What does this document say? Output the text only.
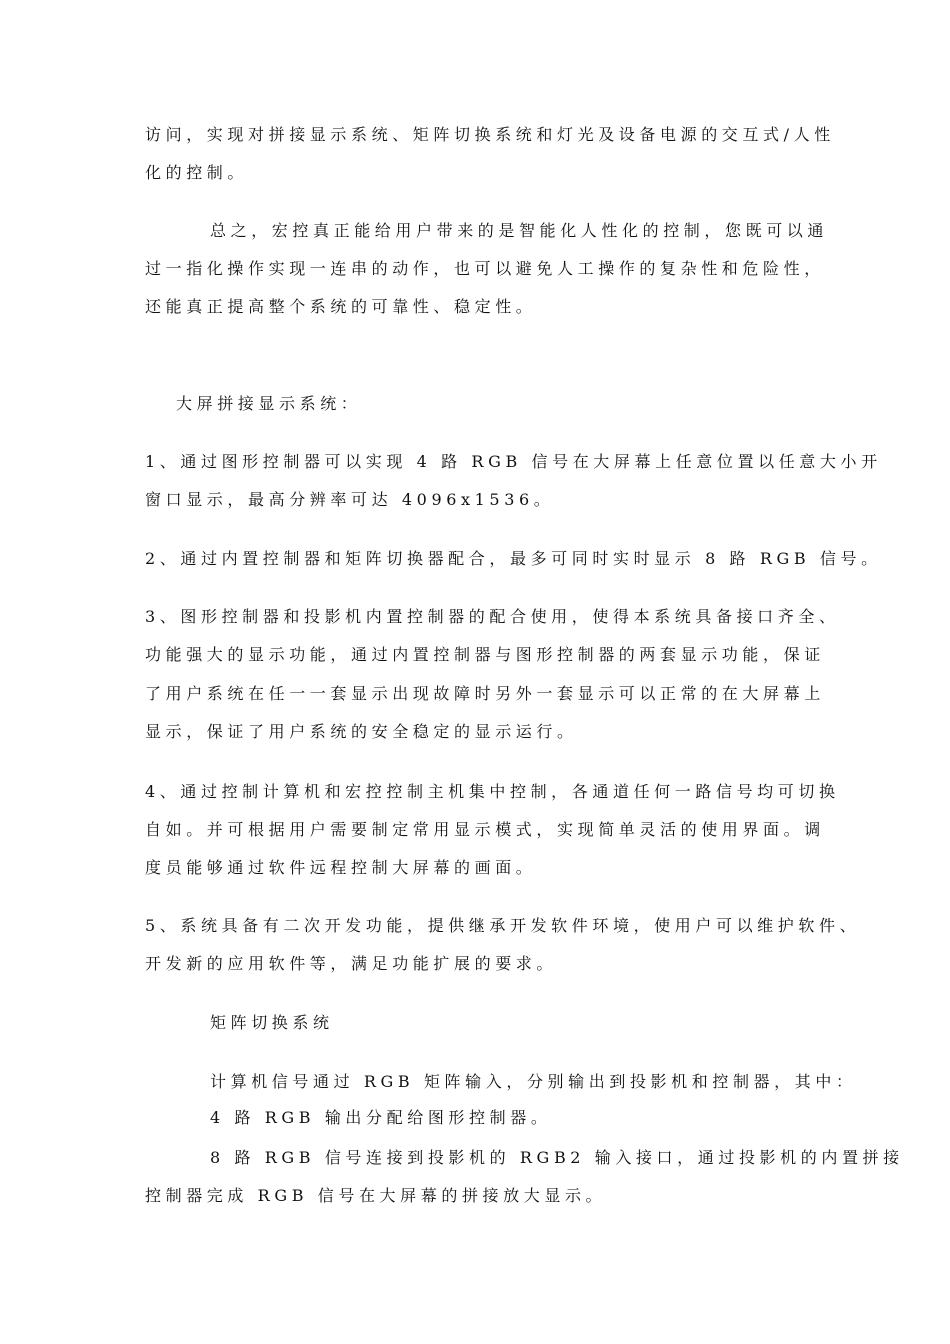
访问，实现对拼接显示系统、矩阵切换系统和灯光及设备电源的交互式/人性
化的控制。
总之，宏控真正能给用户带来的是智能化人性化的控制，您既可以通
过一指化操作实现一连串的动作，也可以避免人工操作的复杂性和危险性，
还能真正提高整个系统的可靠性、稳定性。
大屏拼接显示系统：
1、通过图形控制器可以实现 4 路 RGB 信号在大屏幕上任意位置以任意大小开
窗口显示，最高分辨率可达 4096x1536。
2、通过内置控制器和矩阵切换器配合，最多可同时实时显示 8 路 RGB 信号。
3、图形控制器和投影机内置控制器的配合使用，使得本系统具备接口齐全、
功能强大的显示功能，通过内置控制器与图形控制器的两套显示功能，保证
了用户系统在任一一套显示出现故障时另外一套显示可以正常的在大屏幕上
显示，保证了用户系统的安全稳定的显示运行。
4、通过控制计算机和宏控控制主机集中控制，各通道任何一路信号均可切换
自如。并可根据用户需要制定常用显示模式，实现简单灵活的使用界面。调
度员能够通过软件远程控制大屏幕的画面。
5、系统具备有二次开发功能，提供继承开发软件环境，使用户可以维护软件、
开发新的应用软件等，满足功能扩展的要求。
矩阵切换系统
计算机信号通过 RGB 矩阵输入，分别输出到投影机和控制器，其中：
4 路 RGB 输出分配给图形控制器。
8 路 RGB 信号连接到投影机的 RGB2 输入接口，通过投影机的内置拼接
控制器完成 RGB 信号在大屏幕的拼接放大显示。
